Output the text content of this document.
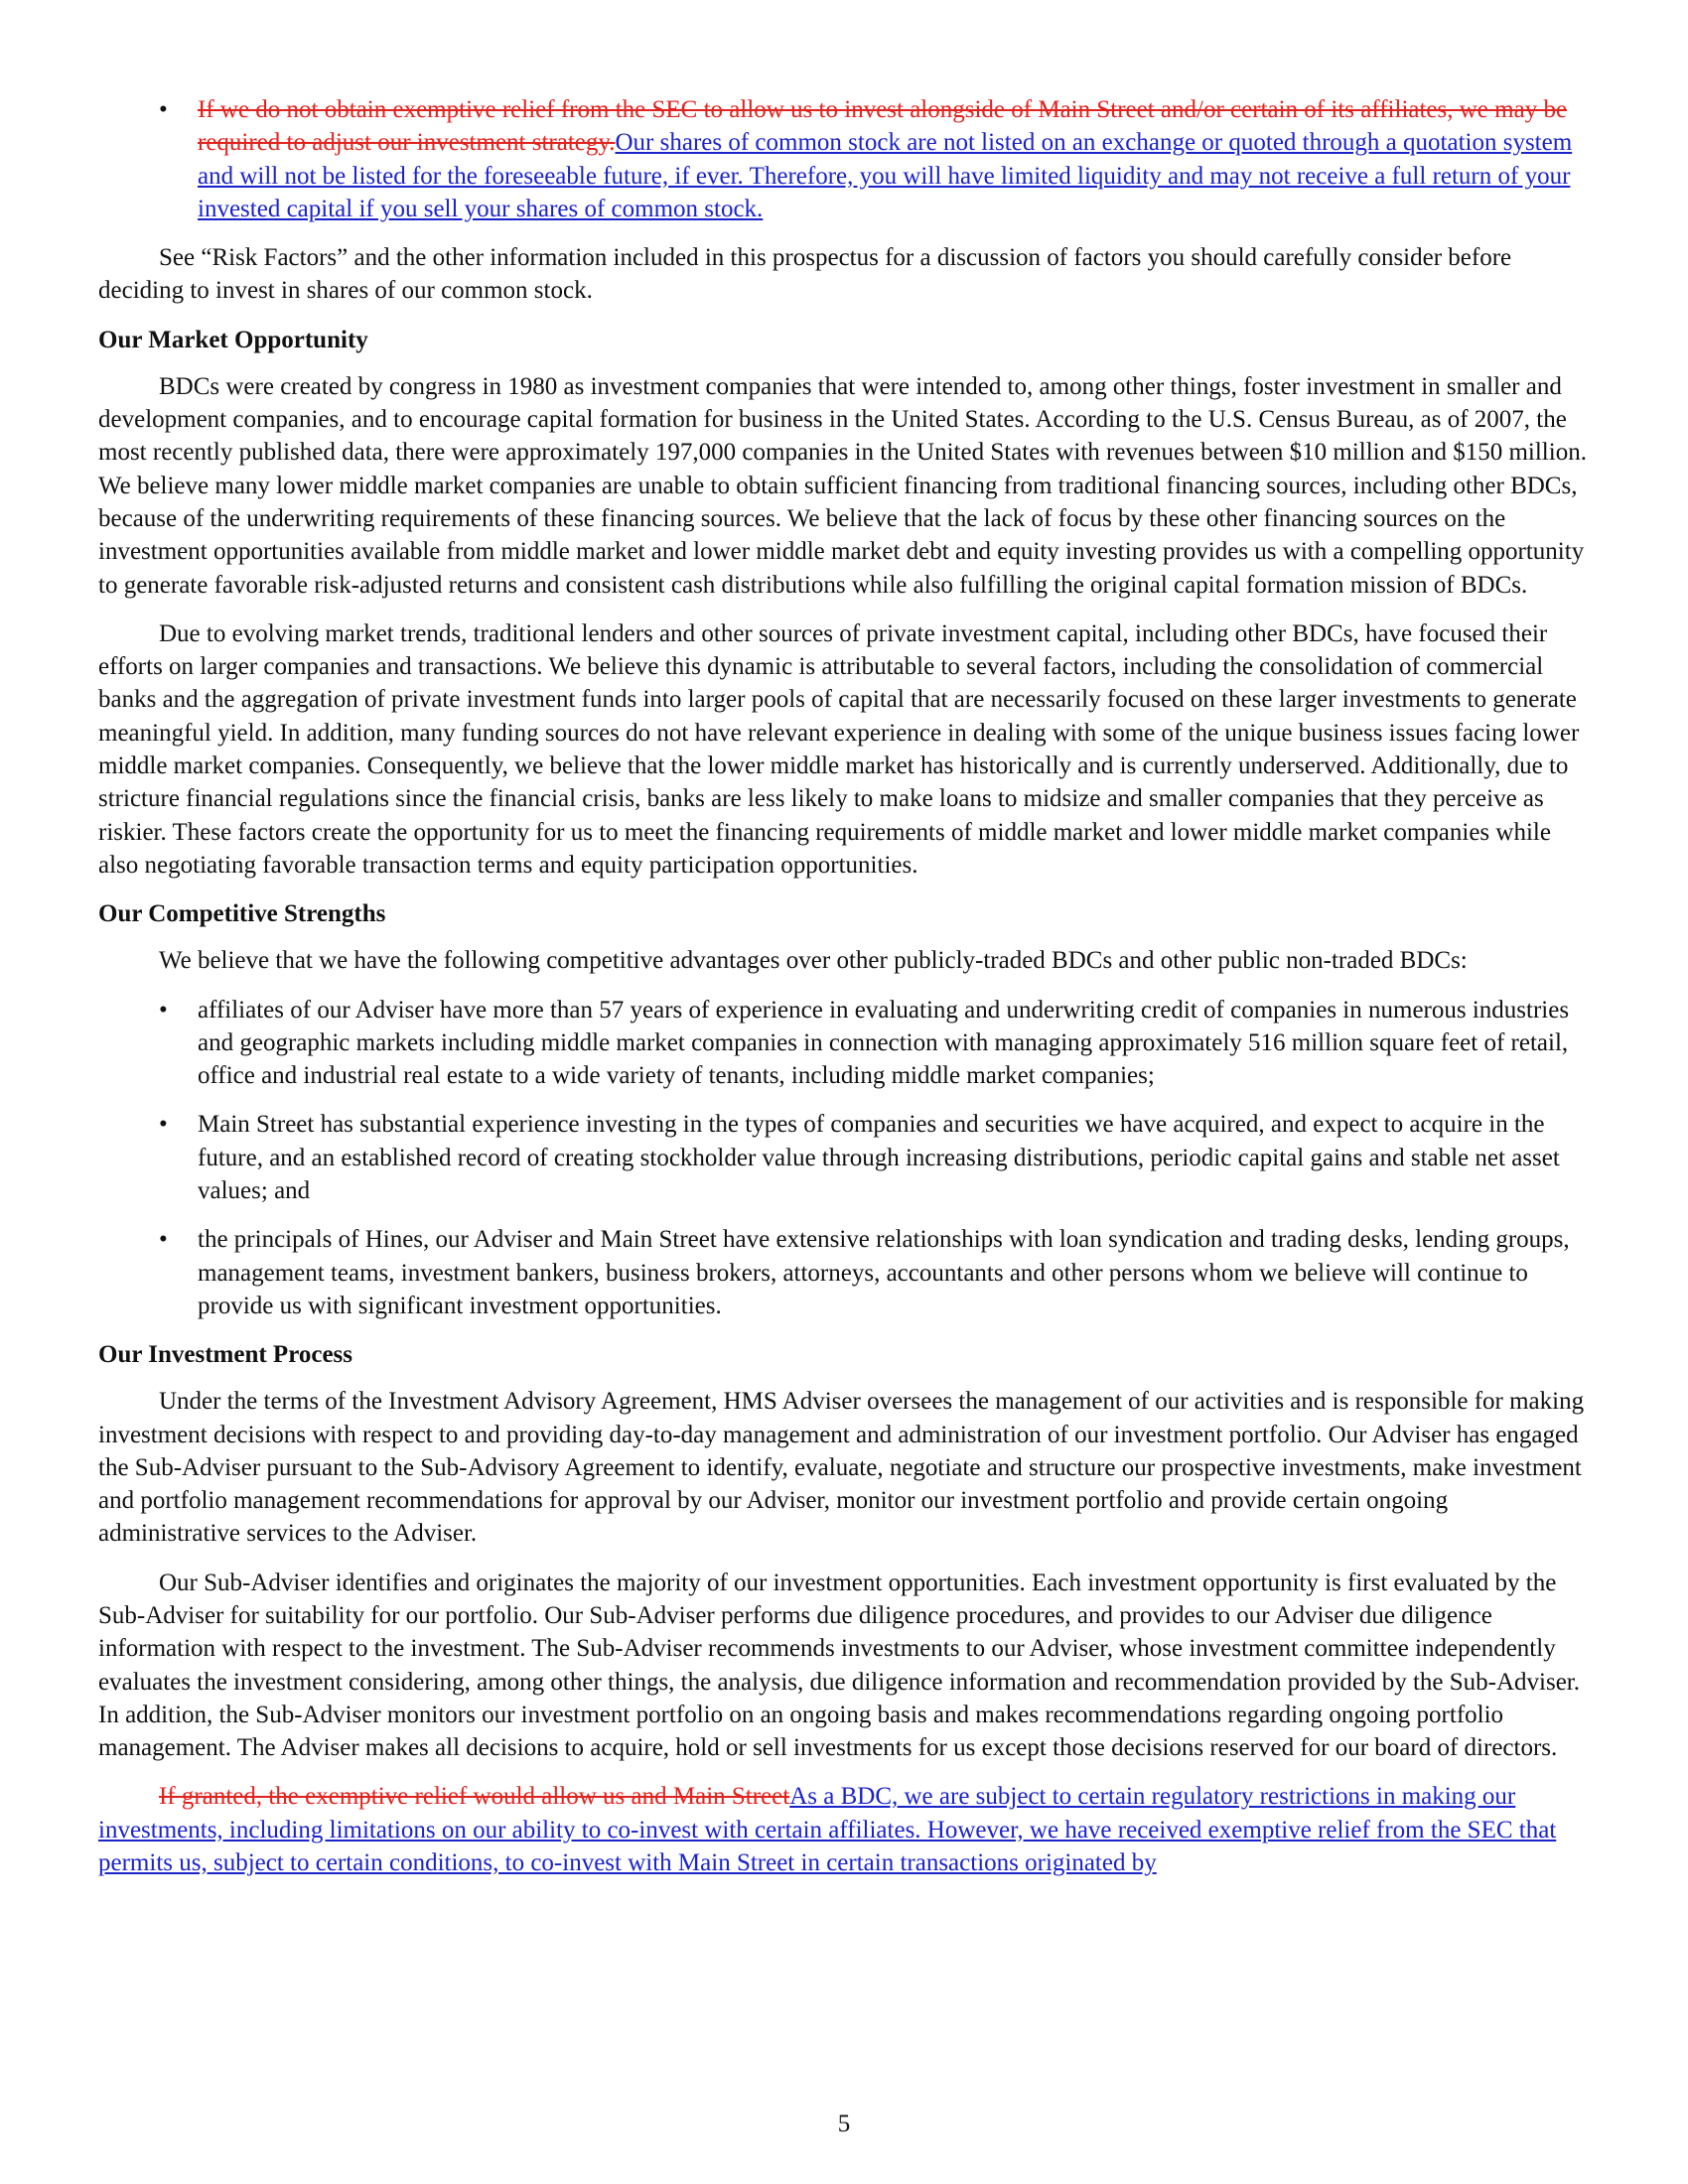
• If we do not obtain exemptive relief from the SEC to allow us to invest alongside of Main Street and/or certain of its affiliates, we may be required to adjust our investment strategy.Our shares of common stock are not listed on an exchange or quoted through a quotation system and will not be listed for the foreseeable future, if ever. Therefore, you will have limited liquidity and may not receive a full return of your invested capital if you sell your shares of common stock.

See “Risk Factors” and the other information included in this prospectus for a discussion of factors you should carefully consider before deciding to invest in shares of our common stock.

Our Market Opportunity

BDCs were created by congress in 1980 as investment companies that were intended to, among other things, foster investment in smaller and development companies, and to encourage capital formation for business in the United States. According to the U.S. Census Bureau, as of 2007, the most recently published data, there were approximately 197,000 companies in the United States with revenues between $10 million and $150 million. We believe many lower middle market companies are unable to obtain sufficient financing from traditional financing sources, including other BDCs, because of the underwriting requirements of these financing sources. We believe that the lack of focus by these other financing sources on the investment opportunities available from middle market and lower middle market debt and equity investing provides us with a compelling opportunity to generate favorable risk-adjusted returns and consistent cash distributions while also fulfilling the original capital formation mission of BDCs.

Due to evolving market trends, traditional lenders and other sources of private investment capital, including other BDCs, have focused their efforts on larger companies and transactions. We believe this dynamic is attributable to several factors, including the consolidation of commercial banks and the aggregation of private investment funds into larger pools of capital that are necessarily focused on these larger investments to generate meaningful yield. In addition, many funding sources do not have relevant experience in dealing with some of the unique business issues facing lower middle market companies. Consequently, we believe that the lower middle market has historically and is currently underserved. Additionally, due to stricture financial regulations since the financial crisis, banks are less likely to make loans to midsize and smaller companies that they perceive as riskier. These factors create the opportunity for us to meet the financing requirements of middle market and lower middle market companies while also negotiating favorable transaction terms and equity participation opportunities.

Our Competitive Strengths

We believe that we have the following competitive advantages over other publicly-traded BDCs and other public non-traded BDCs:

• affiliates of our Adviser have more than 57 years of experience in evaluating and underwriting credit of companies in numerous industries and geographic markets including middle market companies in connection with managing approximately 516 million square feet of retail, office and industrial real estate to a wide variety of tenants, including middle market companies;
• Main Street has substantial experience investing in the types of companies and securities we have acquired, and expect to acquire in the future, and an established record of creating stockholder value through increasing distributions, periodic capital gains and stable net asset values; and
• the principals of Hines, our Adviser and Main Street have extensive relationships with loan syndication and trading desks, lending groups, management teams, investment bankers, business brokers, attorneys, accountants and other persons whom we believe will continue to provide us with significant investment opportunities.
Our Investment Process

Under the terms of the Investment Advisory Agreement, HMS Adviser oversees the management of our activities and is responsible for making investment decisions with respect to and providing day-to-day management and administration of our investment portfolio. Our Adviser has engaged the Sub-Adviser pursuant to the Sub-Advisory Agreement to identify, evaluate, negotiate and structure our prospective investments, make investment and portfolio management recommendations for approval by our Adviser, monitor our investment portfolio and provide certain ongoing administrative services to the Adviser.

Our Sub-Adviser identifies and originates the majority of our investment opportunities. Each investment opportunity is first evaluated by the Sub-Adviser for suitability for our portfolio. Our Sub-Adviser performs due diligence procedures, and provides to our Adviser due diligence information with respect to the investment. The Sub-Adviser recommends investments to our Adviser, whose investment committee independently evaluates the investment considering, among other things, the analysis, due diligence information and recommendation provided by the Sub-Adviser. In addition, the Sub-Adviser monitors our investment portfolio on an ongoing basis and makes recommendations regarding ongoing portfolio management. The Adviser makes all decisions to acquire, hold or sell investments for us except those decisions reserved for our board of directors.

If granted, the exemptive relief would allow us and Main StreetAs a BDC, we are subject to certain regulatory restrictions in making our investments, including limitations on our ability to co-invest with certain affiliates. However, we have received exemptive relief from the SEC that permits us, subject to certain conditions, to co-invest with Main Street in certain transactions originated by

5
